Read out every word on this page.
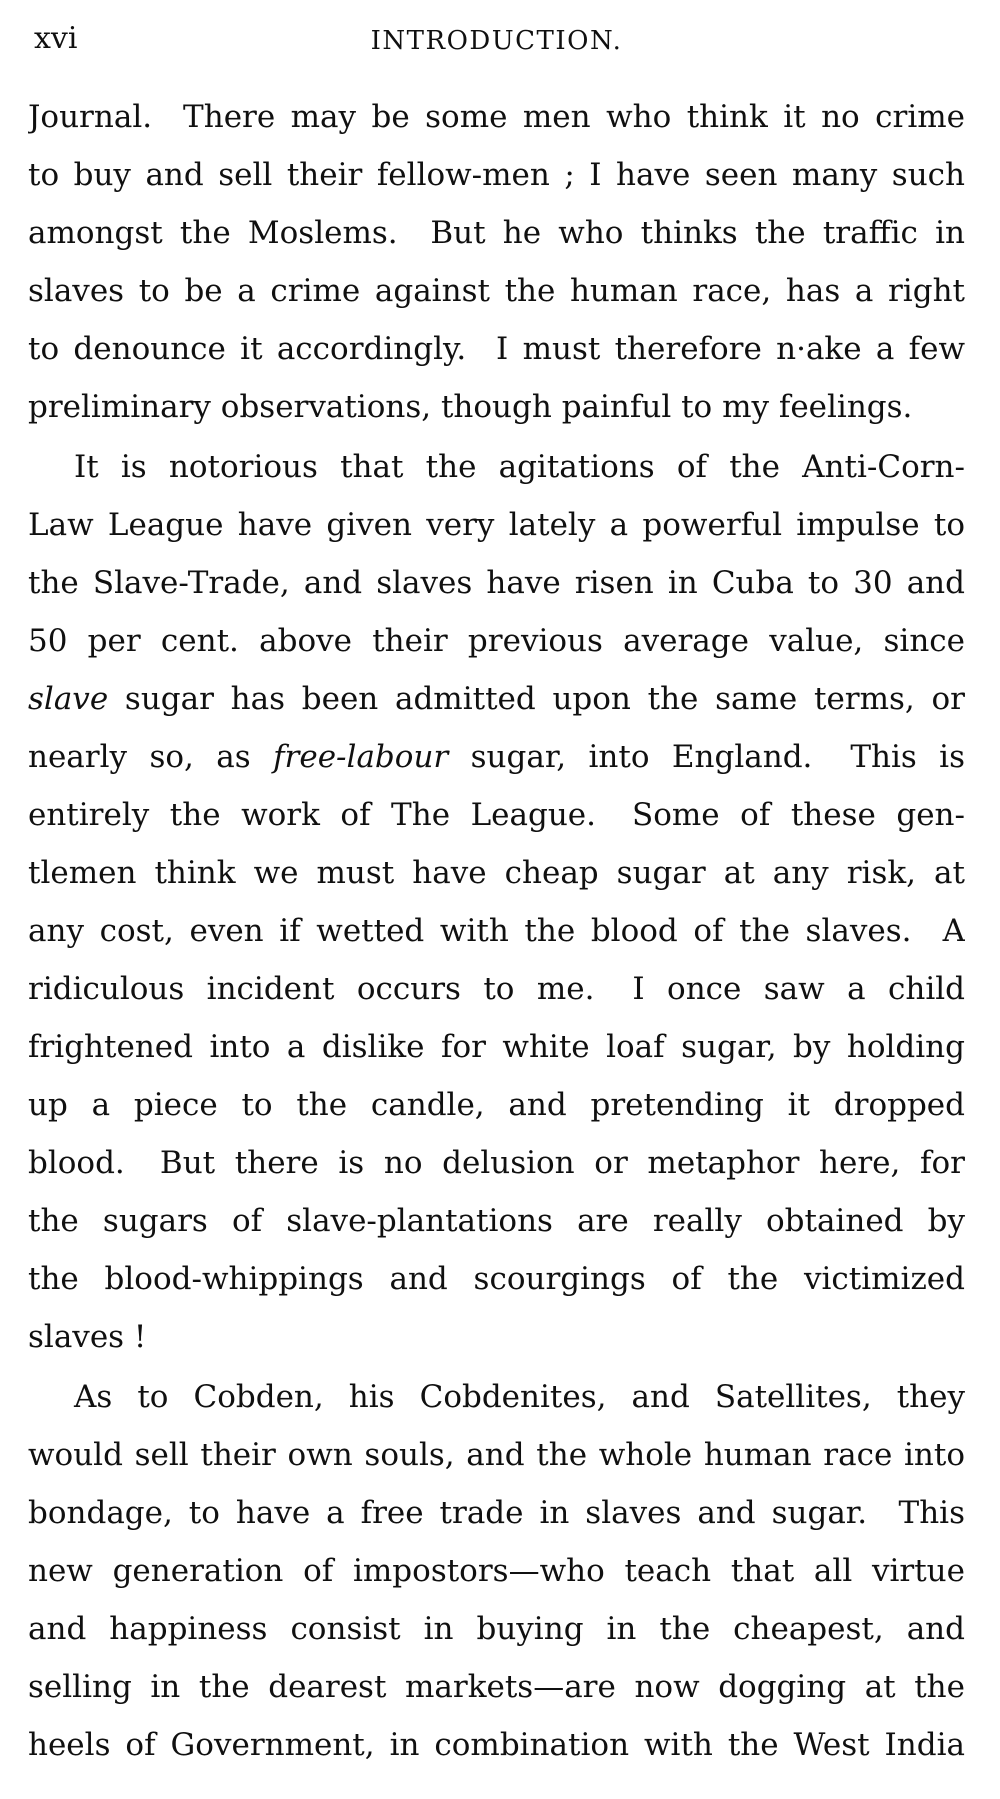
xvi	INTRODUCTION.
Journal.  There may be some men who think it no crime
to buy and sell their fellow-men ; I have seen many such
amongst the Moslems.  But he who thinks the traffic in
slaves to be a crime against the human race, has a right
to denounce it accordingly.  I must therefore n·ake a few
preliminary observations, though painful to my feelings.
It is notorious that the agitations of the Anti-Corn-
Law League have given very lately a powerful impulse to
the Slave-Trade, and slaves have risen in Cuba to 30 and
50 per cent. above their previous average value, since
slave sugar has been admitted upon the same terms, or
nearly so, as free-labour sugar, into England.  This is
entirely the work of The League.  Some of these gen-
tlemen think we must have cheap sugar at any risk, at
any cost, even if wetted with the blood of the slaves.  A
ridiculous incident occurs to me.  I once saw a child
frightened into a dislike for white loaf sugar, by holding
up a piece to the candle, and pretending it dropped
blood.  But there is no delusion or metaphor here, for
the sugars of slave-plantations are really obtained by
the blood-whippings and scourgings of the victimized
slaves !
As to Cobden, his Cobdenites, and Satellites, they
would sell their own souls, and the whole human race into
bondage, to have a free trade in slaves and sugar.  This
new generation of impostors—who teach that all virtue
and happiness consist in buying in the cheapest, and
selling in the dearest markets—are now dogging at the
heels of Government, in combination with the West India
